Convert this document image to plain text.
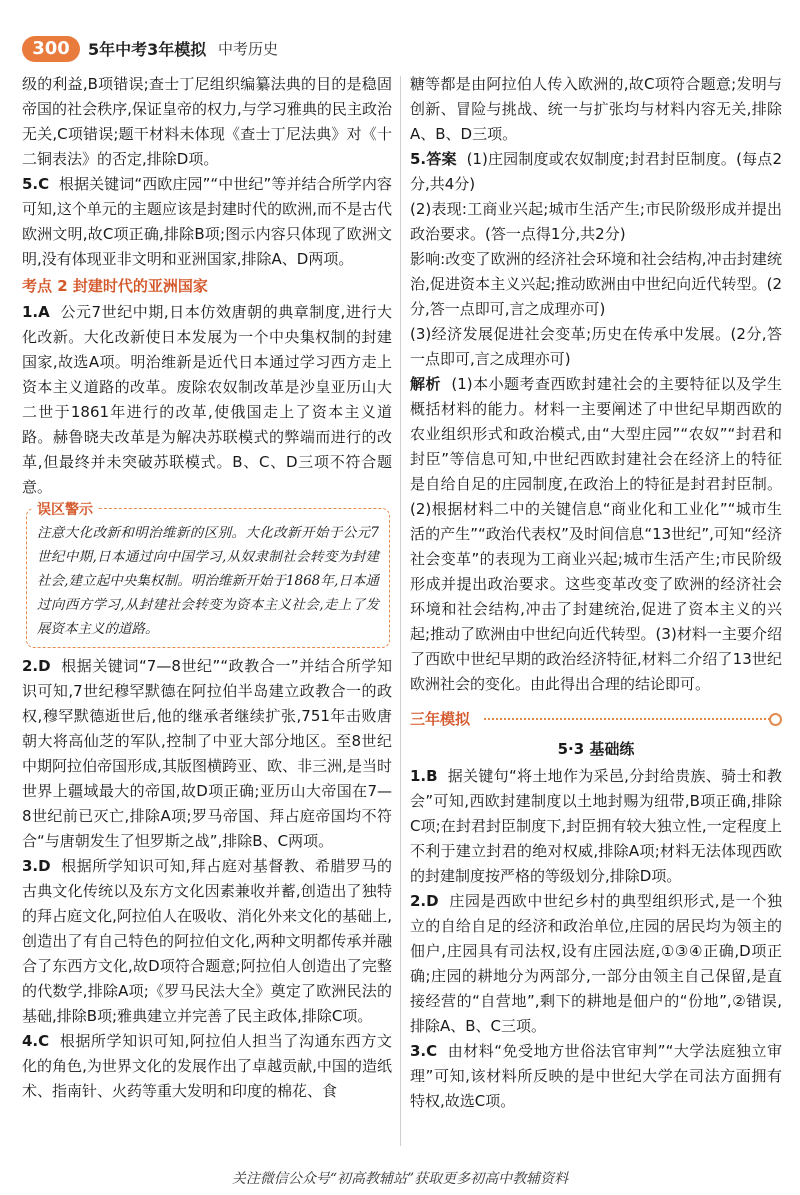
300	5年中考3年模拟 中考历史

级的利益,B项错误;查士丁尼组织编纂法典的目的是稳固帝国的社会秩序,保证皇帝的权力,与学习雅典的民主政治无关,C项错误;题干材料未体现《查士丁尼法典》对《十二铜表法》的否定,排除D项。

5.C 根据关键词“西欧庄园”“中世纪”等并结合所学内容可知,这个单元的主题应该是封建时代的欧洲,而不是古代欧洲文明,故C项正确,排除B项;图示内容只体现了欧洲文明,没有体现亚非文明和亚洲国家,排除A、D两项。

考点 2 封建时代的亚洲国家

1.A 公元7世纪中期,日本仿效唐朝的典章制度,进行大化改新。大化改新使日本发展为一个中央集权制的封建国家,故选A项。明治维新是近代日本通过学习西方走上资本主义道路的改革。废除农奴制改革是沙皇亚历山大二世于1861年进行的改革,使俄国走上了资本主义道路。赫鲁晓夫改革是为解决苏联模式的弊端而进行的改革,但最终并未突破苏联模式。B、C、D三项不符合题意。

误区警示

注意大化改新和明治维新的区别。大化改新开始于公元7世纪中期,日本通过向中国学习,从奴隶制社会转变为封建社会,建立起中央集权制。明治维新开始于1868年,日本通过向西方学习,从封建社会转变为资本主义社会,走上了发展资本主义的道路。

2.D 根据关键词“7—8世纪”“政教合一”并结合所学知识可知,7世纪穆罕默德在阿拉伯半岛建立政教合一的政权,穆罕默德逝世后,他的继承者继续扩张,751年击败唐朝大将高仙芝的军队,控制了中亚大部分地区。至8世纪中期阿拉伯帝国形成,其版图横跨亚、欧、非三洲,是当时世界上疆域最大的帝国,故D项正确;亚历山大帝国在7—8世纪前已灭亡,排除A项;罗马帝国、拜占庭帝国均不符合“与唐朝发生了怛罗斯之战”,排除B、C两项。

3.D 根据所学知识可知,拜占庭对基督教、希腊罗马的古典文化传统以及东方文化因素兼收并蓄,创造出了独特的拜占庭文化,阿拉伯人在吸收、消化外来文化的基础上,创造出了有自己特色的阿拉伯文化,两种文明都传承并融合了东西方文化,故D项符合题意;阿拉伯人创造出了完整的代数学,排除A项;《罗马民法大全》奠定了欧洲民法的基础,排除B项;雅典建立并完善了民主政体,排除C项。

4.C 根据所学知识可知,阿拉伯人担当了沟通东西方文化的角色,为世界文化的发展作出了卓越贡献,中国的造纸术、指南针、火药等重大发明和印度的棉花、食

糖等都是由阿拉伯人传入欧洲的,故C项符合题意;发明与创新、冒险与挑战、统一与扩张均与材料内容无关,排除A、B、D三项。

5.答案 (1)庄园制度或农奴制度;封君封臣制度。(每点2分,共4分)

(2)表现:工商业兴起;城市生活产生;市民阶级形成并提出政治要求。(答一点得1分,共2分)

影响:改变了欧洲的经济社会环境和社会结构,冲击封建统治,促进资本主义兴起;推动欧洲由中世纪向近代转型。(2分,答一点即可,言之成理亦可)

(3)经济发展促进社会变革;历史在传承中发展。(2分,答一点即可,言之成理亦可)

解析 (1)本小题考查西欧封建社会的主要特征以及学生概括材料的能力。材料一主要阐述了中世纪早期西欧的农业组织形式和政治模式,由“大型庄园”“农奴”“封君和封臣”等信息可知,中世纪西欧封建社会在经济上的特征是自给自足的庄园制度,在政治上的特征是封君封臣制。(2)根据材料二中的关键信息“商业化和工业化”“城市生活的产生”“政治代表权”及时间信息“13世纪”,可知“经济社会变革”的表现为工商业兴起;城市生活产生;市民阶级形成并提出政治要求。这些变革改变了欧洲的经济社会环境和社会结构,冲击了封建统治,促进了资本主义的兴起;推动了欧洲由中世纪向近代转型。(3)材料一主要介绍了西欧中世纪早期的政治经济特征,材料二介绍了13世纪欧洲社会的变化。由此得出合理的结论即可。

三年模拟
5·3 基础练

1.B 据关键句“将土地作为采邑,分封给贵族、骑士和教会”可知,西欧封建制度以土地封赐为纽带,B项正确,排除C项;在封君封臣制度下,封臣拥有较大独立性,一定程度上不利于建立封君的绝对权威,排除A项;材料无法体现西欧的封建制度按严格的等级划分,排除D项。

2.D 庄园是西欧中世纪乡村的典型组织形式,是一个独立的自给自足的经济和政治单位,庄园的居民均为领主的佃户,庄园具有司法权,设有庄园法庭,①③④正确,D项正确;庄园的耕地分为两部分,一部分由领主自己保留,是直接经营的“自营地”,剩下的耕地是佃户的“份地”,②错误,排除A、B、C三项。

3.C 由材料“免受地方世俗法官审判”“大学法庭独立审理”可知,该材料所反映的是中世纪大学在司法方面拥有特权,故选C项。

关注微信公众号“初高教辅站”获取更多初高中教辅资料
